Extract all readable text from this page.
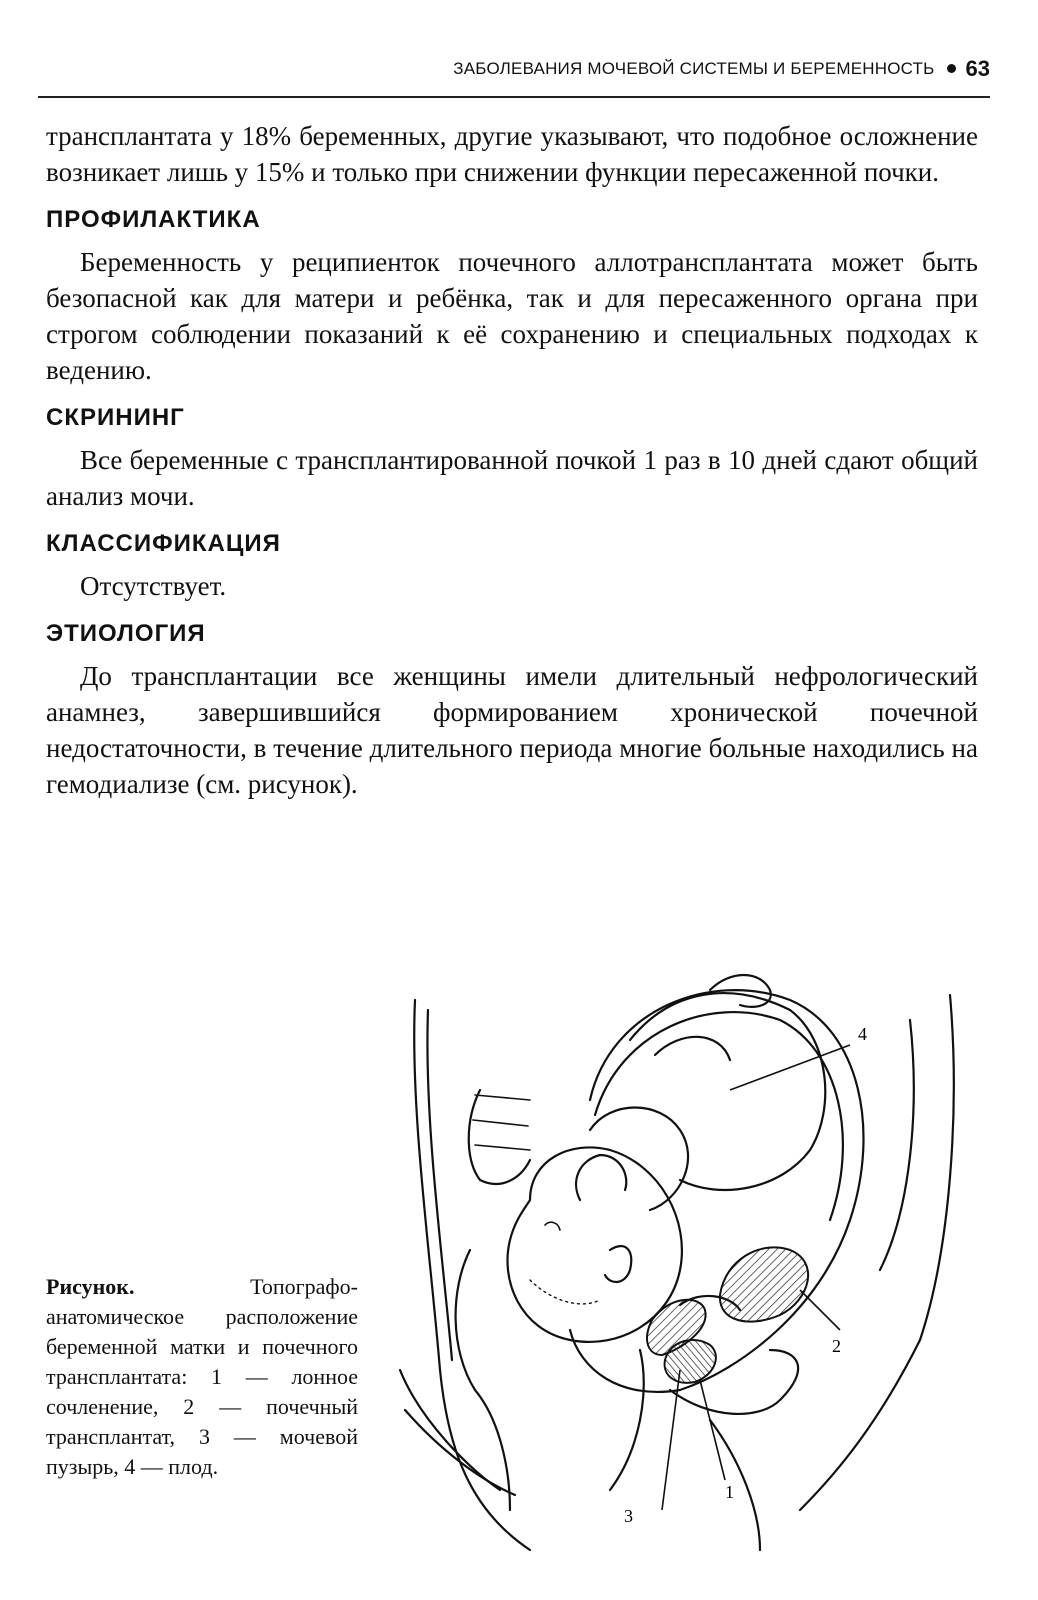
ЗАБОЛЕВАНИЯ МОЧЕВОЙ СИСТЕМЫ И БЕРЕМЕННОСТЬ 63

трансплантата у 18% беременных, другие указывают, что подобное осложнение возникает лишь у 15% и только при снижении функции пересаженной почки.

ПРОФИЛАКТИКА

Беременность у реципиенток почечного аллотрансплантата может быть безопасной как для матери и ребёнка, так и для пересаженного органа при строгом соблюдении показаний к её сохранению и специальных подходах к ведению.

СКРИНИНГ

Все беременные с трансплантированной почкой 1 раз в 10 дней сдают общий анализ мочи.

КЛАССИФИКАЦИЯ

Отсутствует.

ЭТИОЛОГИЯ

До трансплантации все женщины имели длительный нефрологический анамнез, завершившийся формированием хронической почечной недостаточности, в течение длительного периода многие больные находились на гемодиализе (см. рисунок).

Рисунок.	Топографо-анатомическое расположение беременной матки и почечного трансплантата: 1 — лонное сочленение, 2 — почечный трансплантат, 3 — мочевой пузырь, 4 — плод.
4
2
3
1
